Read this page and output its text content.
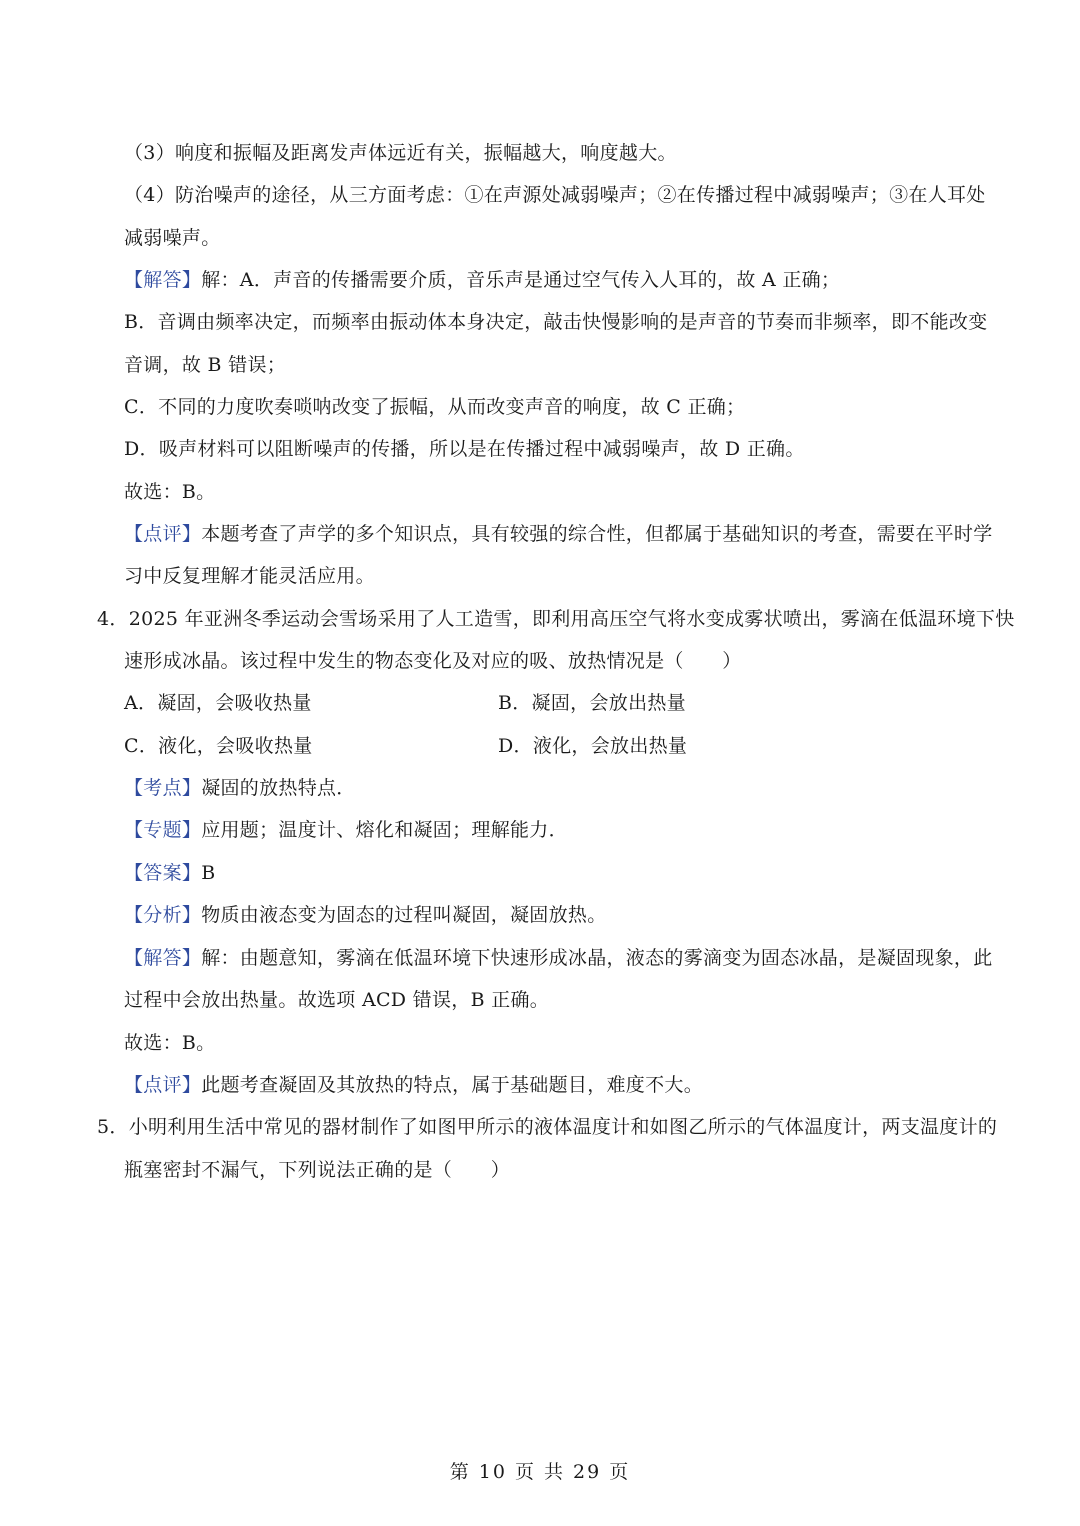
（3）响度和振幅及距离发声体远近有关，振幅越大，响度越大。
（4）防治噪声的途径，从三方面考虑：①在声源处减弱噪声；②在传播过程中减弱噪声；③在人耳处
减弱噪声。
【解答】解：A．声音的传播需要介质，音乐声是通过空气传入人耳的，故 A 正确；
B．音调由频率决定，而频率由振动体本身决定，敲击快慢影响的是声音的节奏而非频率，即不能改变
音调，故 B 错误；
C．不同的力度吹奏唢呐改变了振幅，从而改变声音的响度，故 C 正确；
D．吸声材料可以阻断噪声的传播，所以是在传播过程中减弱噪声，故 D 正确。
故选：B。
【点评】本题考查了声学的多个知识点，具有较强的综合性，但都属于基础知识的考查，需要在平时学
习中反复理解才能灵活应用。
4．2025 年亚洲冬季运动会雪场采用了人工造雪，即利用高压空气将水变成雾状喷出，雾滴在低温环境下快
速形成冰晶。该过程中发生的物态变化及对应的吸、放热情况是（　　）
A．凝固，会吸收热量	B．凝固，会放出热量
C．液化，会吸收热量	D．液化，会放出热量
【考点】凝固的放热特点．
【专题】应用题；温度计、熔化和凝固；理解能力．
【答案】B
【分析】物质由液态变为固态的过程叫凝固，凝固放热。
【解答】解：由题意知，雾滴在低温环境下快速形成冰晶，液态的雾滴变为固态冰晶，是凝固现象，此
过程中会放出热量。故选项 ACD 错误，B 正确。
故选：B。
【点评】此题考查凝固及其放热的特点，属于基础题目，难度不大。
5．小明利用生活中常见的器材制作了如图甲所示的液体温度计和如图乙所示的气体温度计，两支温度计的
瓶塞密封不漏气，下列说法正确的是（　　）
第 10 页 共 29 页
